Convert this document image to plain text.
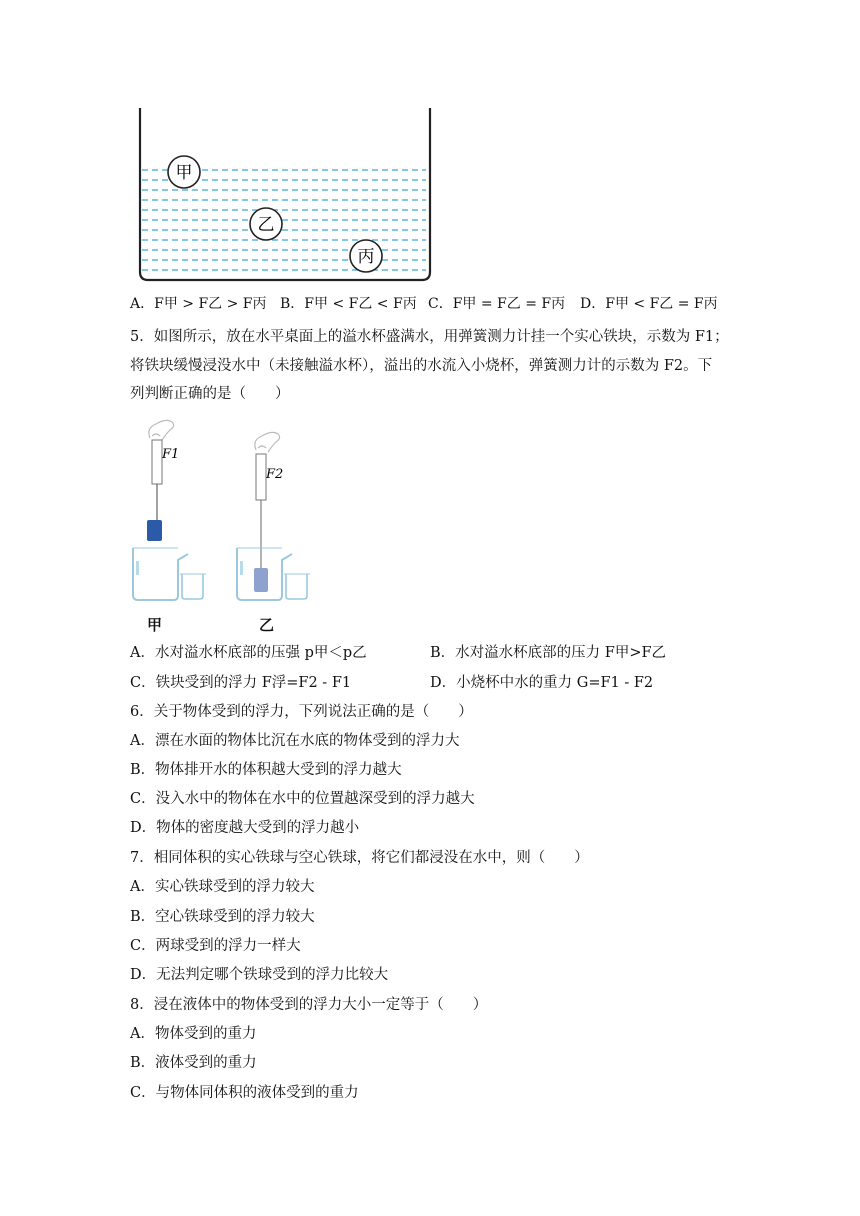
甲
乙
丙
A．F甲 > F乙 > F丙 B．F甲 < F乙 < F丙 C．F甲 = F乙 = F丙 D．F甲 < F乙 = F丙
5．如图所示，放在水平桌面上的溢水杯盛满水，用弹簧测力计挂一个实心铁块，示数为 F1；
将铁块缓慢浸没水中（未接触溢水杯），溢出的水流入小烧杯，弹簧测力计的示数为 F2。下
列判断正确的是（　　）
F1
F2
甲	乙
A．水对溢水杯底部的压强 p甲＜p乙	B．水对溢水杯底部的压力 F甲>F乙
C．铁块受到的浮力 F浮=F2 - F1	D．小烧杯中水的重力 G=F1 - F2
6．关于物体受到的浮力，下列说法正确的是（　　）
A．漂在水面的物体比沉在水底的物体受到的浮力大
B．物体排开水的体积越大受到的浮力越大
C．没入水中的物体在水中的位置越深受到的浮力越大
D．物体的密度越大受到的浮力越小
7．相同体积的实心铁球与空心铁球，将它们都浸没在水中，则（　　）
A．实心铁球受到的浮力较大
B．空心铁球受到的浮力较大
C．两球受到的浮力一样大
D．无法判定哪个铁球受到的浮力比较大
8．浸在液体中的物体受到的浮力大小一定等于（　　）
A．物体受到的重力
B．液体受到的重力
C．与物体同体积的液体受到的重力
